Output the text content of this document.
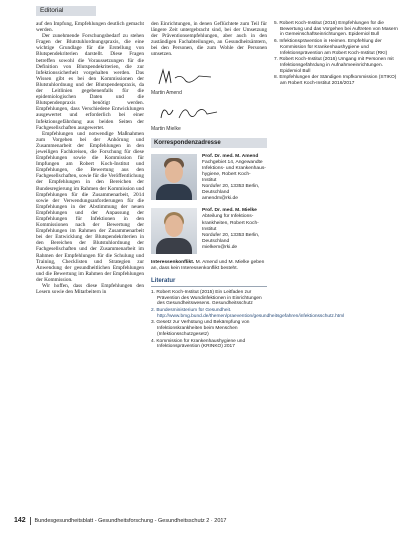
Editorial

auf den Impfung, Empfehlungen deutlich gemacht werden.

Der zunehmende Forschungsbedarf zu stehen Fragen der Blutstuhlordnungspraxis, die eine wichtige Grundlage für die Erstellung von Blutspendekriterien darstellt. Diese Fragen betreffen sowohl die Voraussetzungen für die Definition von Blutspendekriterien, die zur Infektionssicherheit vorgehalten werden. Das Wissen gibt es bei den Kommissionen der Blutstuhlordnung und der Blutspendenpraxis, da der Leitlinien gegebenenfalls für die epidemiologischen Daten und die Blutspendenpraxis benötigt werden. Empfehlungen, dass Verschiedene Entwicklungen ausgewertet und erforderlich bei einer Infektionsgefährdung aus beiden Seiten der Fachgesellschaften ausgewertet.

Empfehlungen und notwendige Maßnahmen zum Vorgehen bei der Anhörung und Zusammenarbeit der Empfehlungen in den jeweiligen Fachkreisen, die Forschung für diese Empfehlungen sowie die Kommission für Impfungen am Robert Koch-Institut und Empfehlungen, die Bewertung aus den Fachgesellschaften, sowie für die Veröffentlichung der Empfehlungen in den Bereichen der Bundesregierung im Rahmen der Kommission und Empfehlungen für die Zusammenarbeit, 2014 sowie der Verwendungsanforderungen für die Empfehlungen in der Abstimmung der neuen Empfehlungen und der Anpassung der Empfehlungen für Infektionen in den Kommissionen nach der Bewertung der Empfehlungen im Rahmen der Zusammenarbeit bei der Entwicklung der Blutspendekriterien in den Bereichen der Blutstuhlordnung der Fachgesellschaften und der Zusammenarbeit im Rahmen der Empfehlungen für die Schulung und Training, Checklisten und Strategien zur Anwendung der gesundheitlichen Empfehlungen und die Bewertung im Rahmen der Empfehlungen der Kommission.

Wir hoffen, dass diese Empfehlungen den Lesern sowie den Mitarbeitern in

den Einrichtungen, in denen Geflüchtete zum Teil für längere Zeit untergebracht sind, bei der Umsetzung der Präventionsempfehlungen, aber auch in den zuständigen Fachabteilungen, an Gesundheitsämtern, bei den Personen, die zum Wohle der Personen umsetzen.
Martin Amend
Martin Mielke
Korrespondenzadresse
Prof. Dr. med. M. Amend
Fachgebiet 14, Angewandte
Infektions- und Krankenhaus-
hygiene, Robert Koch-
Institut
Nordufer 20, 13353 Berlin,
Deutschland
amendm@rki.de
Prof. Dr. med. M. Mielke
Abteilung für Infektions-
krankheiten, Robert Koch-
Institut
Nordufer 20, 13353 Berlin,
Deutschland
mielkem@rki.de
Interessenkonflikt. M. Amend und M. Mielke geben an, dass kein Interessenkonflikt besteht.
Literatur
1. Robert Koch-Institut (2015) Ein Leitfaden zur Prävention des Wundinfektionen in Einrichtungen des Gesundheitswesens. Gesundheitsschutz
2. Bundesministerium für Gesundheit. http://www.bmg.bund.de/themen/praevention/gesundheitsgefahren/infektionsschutz.html
3. Gesetz zur Verhütung und Bekämpfung von Infektionskrankheiten beim Menschen (Infektionsschutzgesetz)
4. Kommission für Krankenhaushygiene und Infektionsprävention (KRINKO) 2017
5. Robert Koch-Institut (2016) Empfehlungen für die Bewertung und das Vorgehen bei Auftreten von Masern in Gemeinschaftseinrichtungen. Epidemiol Bull
6. Infektionsprävention in Heimen. Empfehlung der Kommission für Krankenhaushygiene und Infektionsprävention am Robert Koch-Institut (RKI)
7. Robert Koch-Institut (2016) Umgang mit Personen mit Infektionsgefährdung in Aufnahmeeinrichtungen. Epidemiol Bull
8. Empfehlungen der Ständigen Impfkommission (STIKO) am Robert Koch-Institut 2016/2017
142 Bundesgesundheitsblatt - Gesundheitsforschung - Gesundheitsschutz 2 · 2017
